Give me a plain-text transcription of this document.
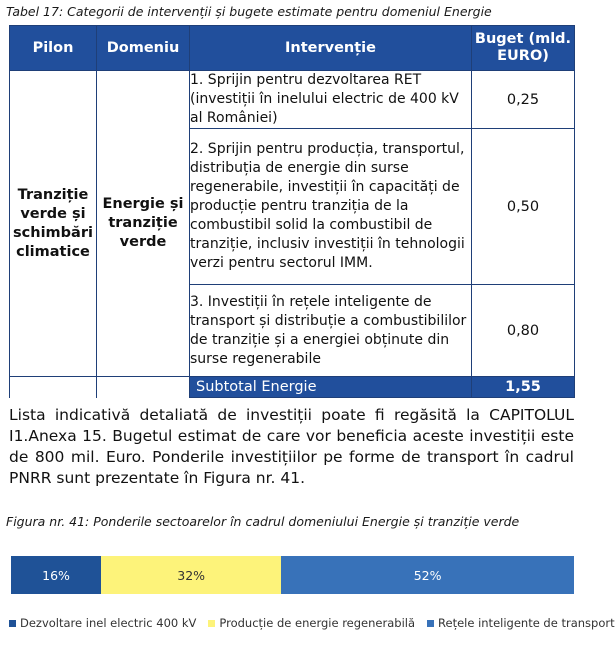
Tabel 17: Categorii de intervenții și bugete estimate pentru domeniul Energie
Pilon	Domeniu	Intervenție	Buget (mld. EURO)
Tranziție verde și schimbări climatice	Energie și tranziție verde	1. Sprijin pentru dezvoltarea RET (investiții în inelului electric de 400 kV al României)	0,25
		2. Sprijin pentru producția, transportul, distribuția de energie din surse regenerabile, investiții în capacități de producție pentru tranziția de la combustibil solid la combustibil de tranziție, inclusiv investiții în tehnologii verzi pentru sectorul IMM.	0,50
		3. Investiții în rețele inteligente de transport și distribuție a combustibililor de tranziție și a energiei obținute din surse regenerabile	0,80
		Subtotal Energie	1,55

Lista indicativă detaliată de investiții poate fi regăsită la CAPITOLUL I1.Anexa 15. Bugetul estimat de care vor beneficia aceste investiții este de 800 mil. Euro. Ponderile investițiilor pe forme de transport în cadrul PNRR sunt prezentate în Figura nr. 41.

Figura nr. 41: Ponderile sectoarelor în cadrul domeniului Energie și tranziție verde
16%	32%	52%
Dezvoltare inel electric 400 kV Producție de energie regenerabilă Rețele inteligente de transport
